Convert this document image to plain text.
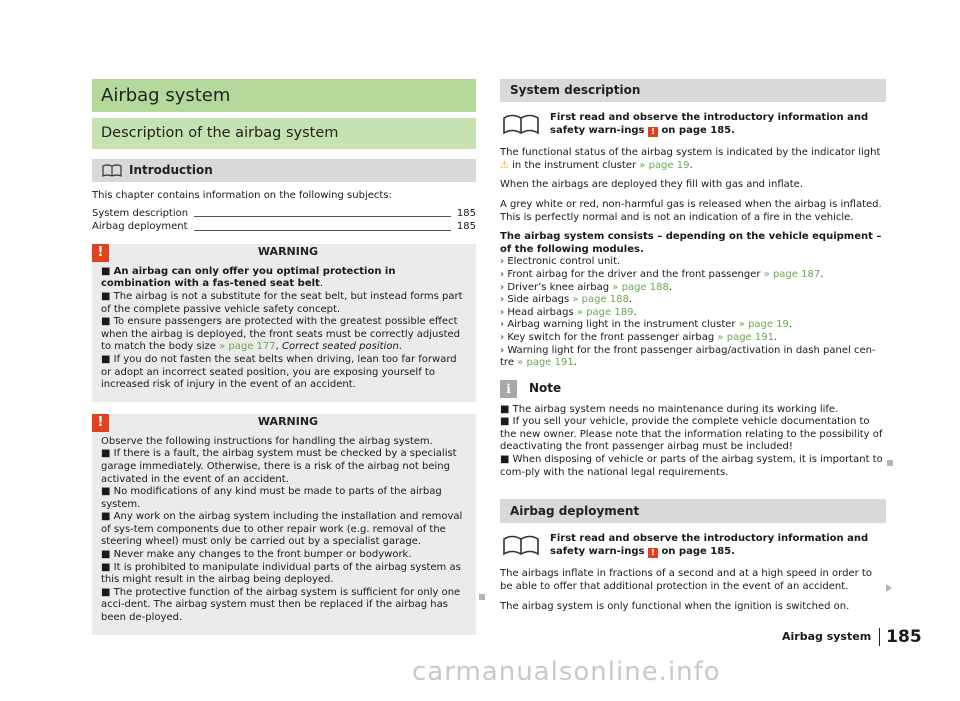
Airbag system
Description of the airbag system
Introduction

This chapter contains information on the following subjects:

System description	185
Airbag deployment	185
!	WARNING

■ An airbag can only offer you optimal protection in combination with a fas-tened seat belt.

■ The airbag is not a substitute for the seat belt, but instead forms part of the complete passive vehicle safety concept.

■ To ensure passengers are protected with the greatest possible effect when the airbag is deployed, the front seats must be correctly adjusted to match the body size » page 177, Correct seated position.

■ If you do not fasten the seat belts when driving, lean too far forward or adopt an incorrect seated position, you are exposing yourself to increased risk of injury in the event of an accident.

!	WARNING

Observe the following instructions for handling the airbag system.

■ If there is a fault, the airbag system must be checked by a specialist garage immediately. Otherwise, there is a risk of the airbag not being activated in the event of an accident.

■ No modifications of any kind must be made to parts of the airbag system.

■ Any work on the airbag system including the installation and removal of sys-tem components due to other repair work (e.g. removal of the steering wheel) must only be carried out by a specialist garage.

■ Never make any changes to the front bumper or bodywork.

■ It is prohibited to manipulate individual parts of the airbag system as this might result in the airbag being deployed.

■ The protective function of the airbag system is sufficient for only one acci-dent. The airbag system must then be replaced if the airbag has been de-ployed.

System description
First read and observe the introductory information and safety warn-ings ! on page 185.

The functional status of the airbag system is indicated by the indicator light ⚠ in the instrument cluster » page 19.

When the airbags are deployed they fill with gas and inflate.

A grey white or red, non-harmful gas is released when the airbag is inflated. This is perfectly normal and is not an indication of a fire in the vehicle.

The airbag system consists – depending on the vehicle equipment – of the following modules.

› Electronic control unit.
› Front airbag for the driver and the front passenger » page 187.
› Driver’s knee airbag » page 188.
› Side airbags » page 188.
› Head airbags » page 189.
› Airbag warning light in the instrument cluster » page 19.
› Key switch for the front passenger airbag » page 191.
› Warning light for the front passenger airbag/activation in dash panel cen-tre » page 191.
i	Note

■ The airbag system needs no maintenance during its working life.

■ If you sell your vehicle, provide the complete vehicle documentation to the new owner. Please note that the information relating to the possibility of deactivating the front passenger airbag must be included!

■ When disposing of vehicle or parts of the airbag system, it is important to com-ply with the national legal requirements.

Airbag deployment
First read and observe the introductory information and safety warn-ings ! on page 185.

The airbags inflate in fractions of a second and at a high speed in order to be able to offer that additional protection in the event of an accident.

The airbag system is only functional when the ignition is switched on.

Airbag system 185
carmanualsonline.info
